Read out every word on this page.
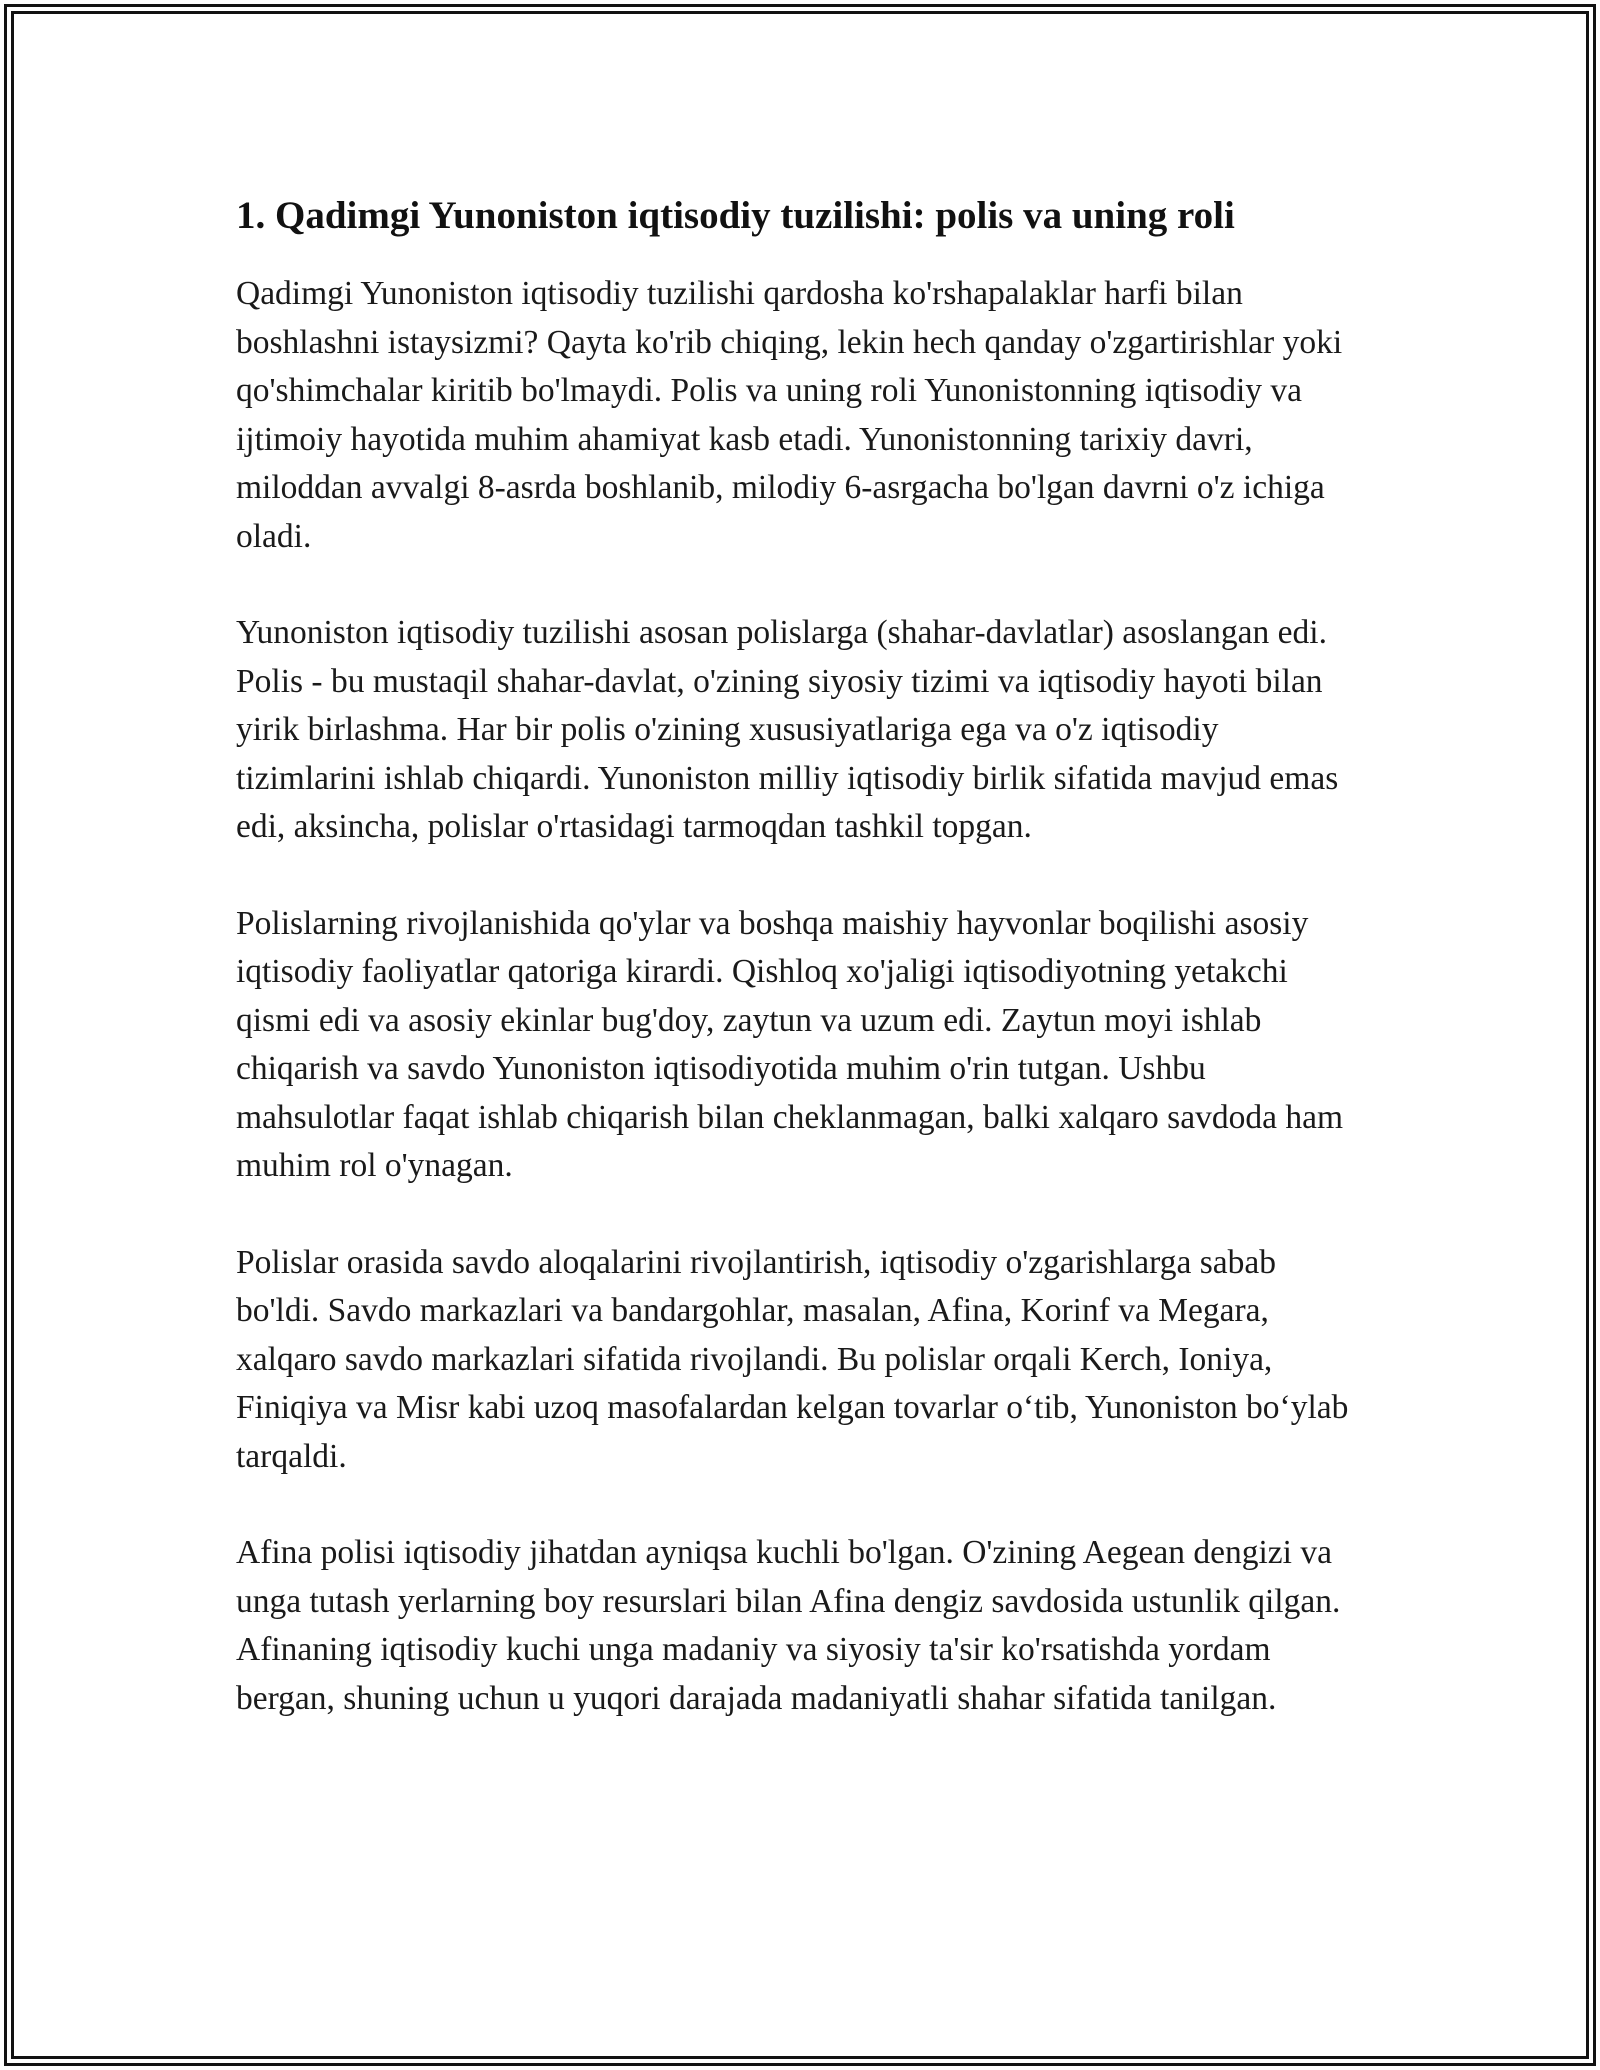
1. Qadimgi Yunoniston iqtisodiy tuzilishi: polis va uning roli

Qadimgi Yunoniston iqtisodiy tuzilishi qardosha ko'rshapalaklar harfi bilan boshlashni istaysizmi? Qayta ko'rib chiqing, lekin hech qanday o'zgartirishlar yoki qo'shimchalar kiritib bo'lmaydi. Polis va uning roli Yunonistonning iqtisodiy va ijtimoiy hayotida muhim ahamiyat kasb etadi. Yunonistonning tarixiy davri, miloddan avvalgi 8-asrda boshlanib, milodiy 6-asrgacha bo'lgan davrni o'z ichiga oladi.

Yunoniston iqtisodiy tuzilishi asosan polislarga (shahar-davlatlar) asoslangan edi. Polis - bu mustaqil shahar-davlat, o'zining siyosiy tizimi va iqtisodiy hayoti bilan yirik birlashma. Har bir polis o'zining xususiyatlariga ega va o'z iqtisodiy tizimlarini ishlab chiqardi. Yunoniston milliy iqtisodiy birlik sifatida mavjud emas edi, aksincha, polislar o'rtasidagi tarmoqdan tashkil topgan.

Polislarning rivojlanishida qo'ylar va boshqa maishiy hayvonlar boqilishi asosiy iqtisodiy faoliyatlar qatoriga kirardi. Qishloq xo'jaligi iqtisodiyotning yetakchi qismi edi va asosiy ekinlar bug'doy, zaytun va uzum edi. Zaytun moyi ishlab chiqarish va savdo Yunoniston iqtisodiyotida muhim o'rin tutgan. Ushbu mahsulotlar faqat ishlab chiqarish bilan cheklanmagan, balki xalqaro savdoda ham muhim rol o'ynagan.

Polislar orasida savdo aloqalarini rivojlantirish, iqtisodiy o'zgarishlarga sabab bo'ldi. Savdo markazlari va bandargohlar, masalan, Afina, Korinf va Megara, xalqaro savdo markazlari sifatida rivojlandi. Bu polislar orqali Kerch, Ioniya, Finiqiya va Misr kabi uzoq masofalardan kelgan tovarlar o‘tib, Yunoniston bo‘ylab tarqaldi.

Afina polisi iqtisodiy jihatdan ayniqsa kuchli bo'lgan. O'zining Aegean dengizi va unga tutash yerlarning boy resurslari bilan Afina dengiz savdosida ustunlik qilgan. Afinaning iqtisodiy kuchi unga madaniy va siyosiy ta'sir ko'rsatishda yordam bergan, shuning uchun u yuqori darajada madaniyatli shahar sifatida tanilgan.
